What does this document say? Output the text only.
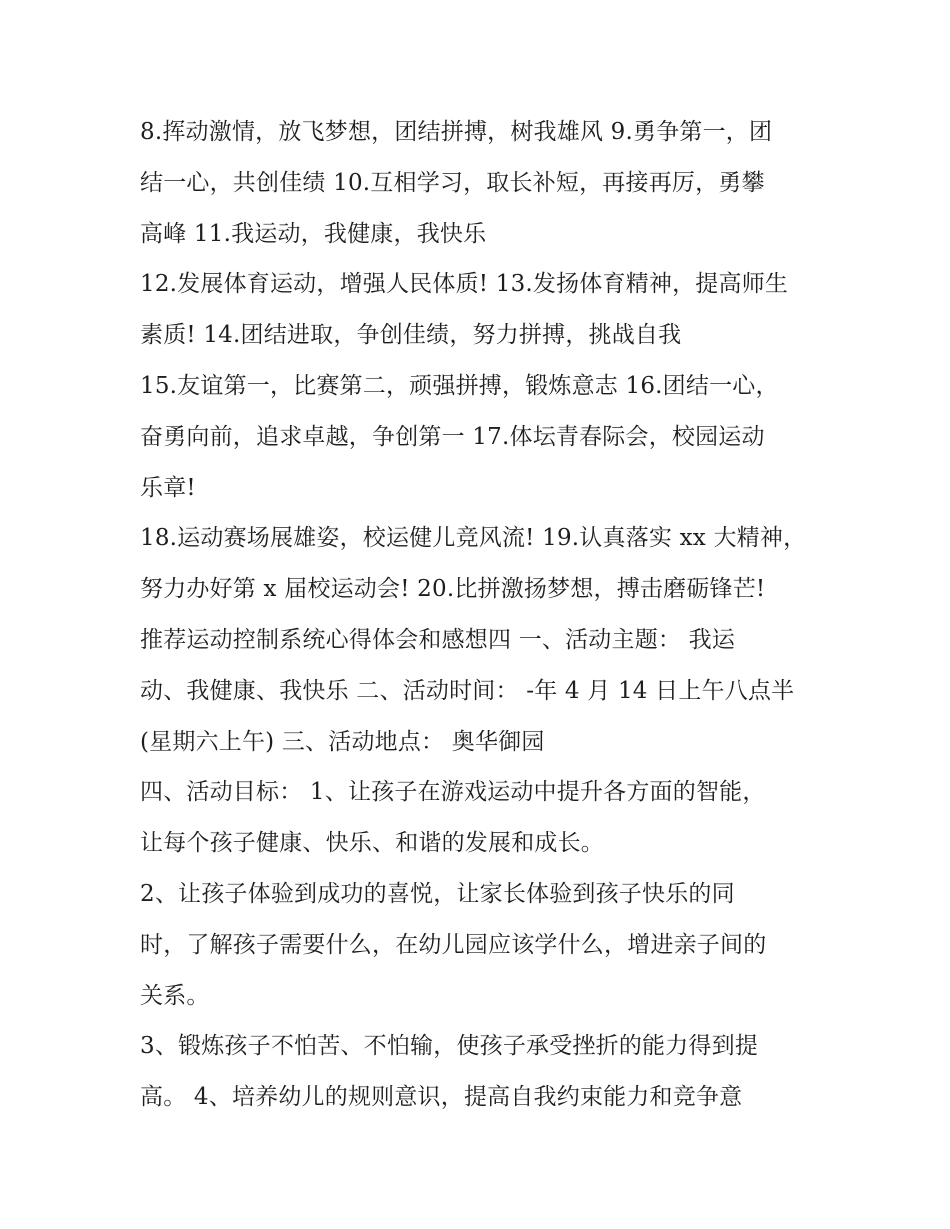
8.挥动激情，放飞梦想，团结拼搏，树我雄风 9.勇争第一，团
结一心，共创佳绩 10.互相学习，取长补短，再接再厉，勇攀
高峰 11.我运动，我健康，我快乐
12.发展体育运动，增强人民体质! 13.发扬体育精神，提高师生
素质! 14.团结进取，争创佳绩，努力拼搏，挑战自我
15.友谊第一，比赛第二，顽强拼搏，锻炼意志 16.团结一心，
奋勇向前，追求卓越，争创第一 17.体坛青春际会，校园运动
乐章!
18.运动赛场展雄姿，校运健儿竞风流! 19.认真落实 xx 大精神，
努力办好第 x 届校运动会! 20.比拼激扬梦想，搏击磨砺锋芒!
推荐运动控制系统心得体会和感想四 一、活动主题： 我运
动、我健康、我快乐 二、活动时间： -年 4 月 14 日上午八点半
(星期六上午) 三、活动地点： 奥华御园
四、活动目标： 1、让孩子在游戏运动中提升各方面的智能，
让每个孩子健康、快乐、和谐的发展和成长。
2、让孩子体验到成功的喜悦，让家长体验到孩子快乐的同
时，了解孩子需要什么，在幼儿园应该学什么，增进亲子间的
关系。
3、锻炼孩子不怕苦、不怕输，使孩子承受挫折的能力得到提
高。 4、培养幼儿的规则意识，提高自我约束能力和竞争意
